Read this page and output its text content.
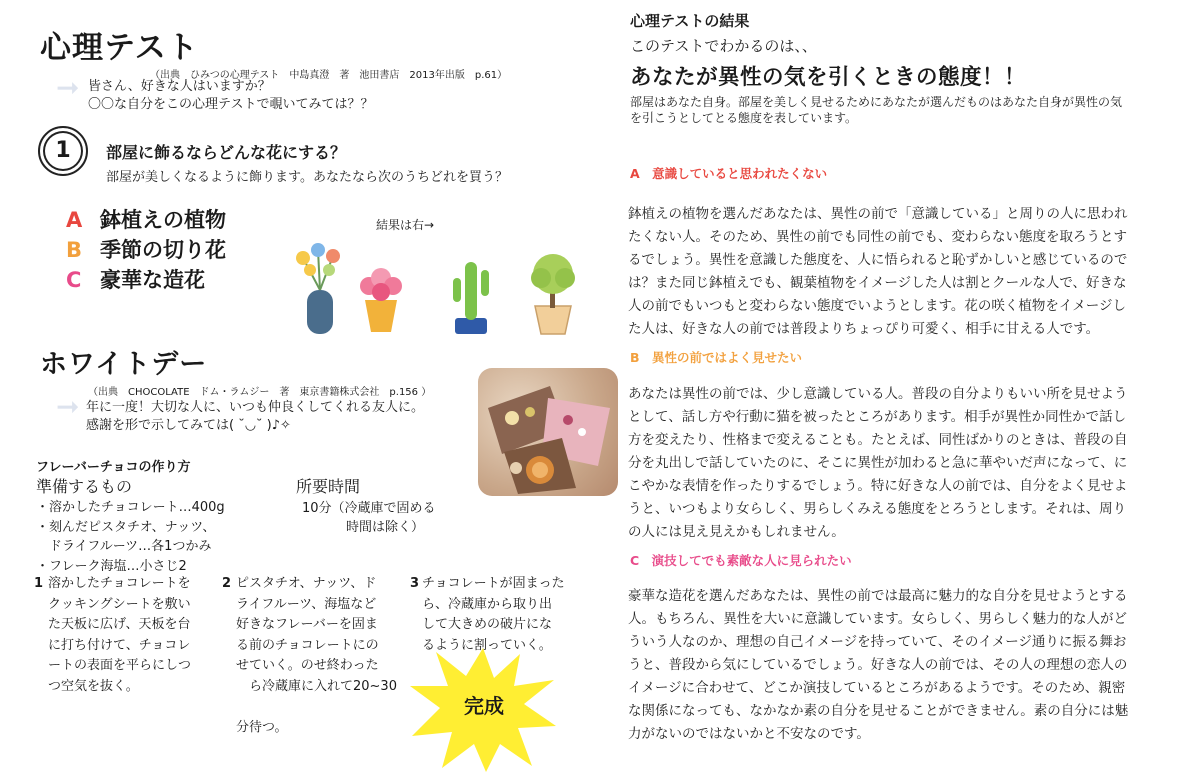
心理テスト
（出典　ひみつの心理テスト　中島真澄　著　池田書店　2013年出版　p.61）
➞ 皆さん、好きな人はいますか？
〇〇な自分をこの心理テストで覗いてみては？？
1	部屋に飾るならどんな花にする？
部屋が美しくなるように飾ります。あなたなら次のうちどれを買う？
A 鉢植えの植物
B 季節の切り花
C 豪華な造花
結果は右→
ホワイトデー
（出典　CHOCOLATE　ドム・ラムジー　著　東京書籍株式会社　p.156 ）
➞ 年に一度！大切な人に、いつも仲良くしてくれる友人に。
感謝を形で示してみては( ˘◡˘ )♪✧
フレーバーチョコの作り方
準備するもの	所要時間
10分（冷蔵庫で固める
時間は除く）
・溶かしたチョコレート…400g
・刻んだピスタチオ、ナッツ、
　ドライフルーツ…各1つかみ
・フレーク海塩…小さじ2
1 溶かしたチョコレートを
クッキングシートを敷い
た天板に広げ、天板を台
に打ち付けて、チョコレ
ートの表面を平らにしつ
つ空気を抜く。
2 ピスタチオ、ナッツ、ド
ライフルーツ、海塩など
好きなフレーバーを固ま
る前のチョコレートにの
せていく。のせ終わった
　ら冷蔵庫に入れて20~30
分待つ。
3 チョコレートが固まった
ら、冷蔵庫から取り出
して大きめの破片にな
るように割っていく。
完成
心理テストの結果
このテストでわかるのは、、
あなたが異性の気を引くときの態度！！
部屋はあなた自身。部屋を美しく見せるためにあなたが選んだものはあなた自身が異性の気
を引こうとしてとる態度を表しています。
A　意識していると思われたくない
鉢植えの植物を選んだあなたは、異性の前で「意識している」と周りの人に思われ
たくない人。そのため、異性の前でも同性の前でも、変わらない態度を取ろうとす
るでしょう。異性を意識した態度を、人に悟られると恥ずかしいと感じているので
は？また同じ鉢植えでも、観葉植物をイメージした人は割とクールな人で、好きな
人の前でもいつもと変わらない態度でいようとします。花の咲く植物をイメージし
た人は、好きな人の前では普段よりちょっぴり可愛く、相手に甘える人です。
B　異性の前ではよく見せたい
あなたは異性の前では、少し意識している人。普段の自分よりもいい所を見せよう
として、話し方や行動に猫を被ったところがあります。相手が異性か同性かで話し
方を変えたり、性格まで変えることも。たとえば、同性ばかりのときは、普段の自
分を丸出しで話していたのに、そこに異性が加わると急に華やいだ声になって、に
こやかな表情を作ったりするでしょう。特に好きな人の前では、自分をよく見せよ
うと、いつもより女らしく、男らしくみえる態度をとろうとします。それは、周り
の人には見え見えかもしれません。
C　演技してでも素敵な人に見られたい
豪華な造花を選んだあなたは、異性の前では最高に魅力的な自分を見せようとする
人。もちろん、異性を大いに意識しています。女らしく、男らしく魅力的な人がど
ういう人なのか、理想の自己イメージを持っていて、そのイメージ通りに振る舞お
うと、普段から気にしているでしょう。好きな人の前では、その人の理想の恋人の
イメージに合わせて、どこか演技しているところがあるようです。そのため、親密
な関係になっても、なかなか素の自分を見せることができません。素の自分には魅
力がないのではないかと不安なのです。
